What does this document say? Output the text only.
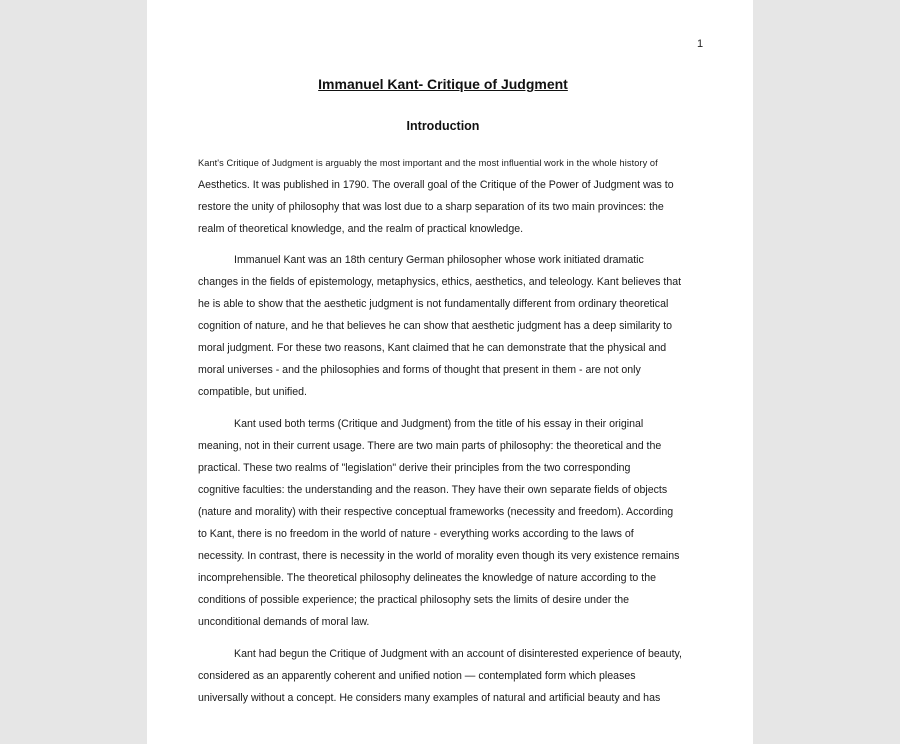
1
Immanuel Kant- Critique of Judgment
Introduction
Kant's Critique of Judgment is arguably the most important and the most influential work in the whole history of
Aesthetics. It was published in 1790. The overall goal of the Critique of the Power of Judgment was to
restore the unity of philosophy that was lost due to a sharp separation of its two main provinces: the
realm of theoretical knowledge, and the realm of practical knowledge.
Immanuel Kant was an 18th century German philosopher whose work initiated dramatic
changes in the fields of epistemology, metaphysics, ethics, aesthetics, and teleology. Kant believes that
he is able to show that the aesthetic judgment is not fundamentally different from ordinary theoretical
cognition of nature, and he that believes he can show that aesthetic judgment has a deep similarity to
moral judgment. For these two reasons, Kant claimed that he can demonstrate that the physical and
moral universes - and the philosophies and forms of thought that present in them - are not only
compatible, but unified.
Kant used both terms (Critique and Judgment) from the title of his essay in their original
meaning, not in their current usage. There are two main parts of philosophy: the theoretical and the
practical. These two realms of "legislation" derive their principles from the two corresponding
cognitive faculties: the understanding and the reason. They have their own separate fields of objects
(nature and morality) with their respective conceptual frameworks (necessity and freedom). According
to Kant, there is no freedom in the world of nature - everything works according to the laws of
necessity. In contrast, there is necessity in the world of morality even though its very existence remains
incomprehensible. The theoretical philosophy delineates the knowledge of nature according to the
conditions of possible experience; the practical philosophy sets the limits of desire under the
unconditional demands of moral law.
Kant had begun the Critique of Judgment with an account of disinterested experience of beauty,
considered as an apparently coherent and unified notion — contemplated form which pleases
universally without a concept. He considers many examples of natural and artificial beauty and has
